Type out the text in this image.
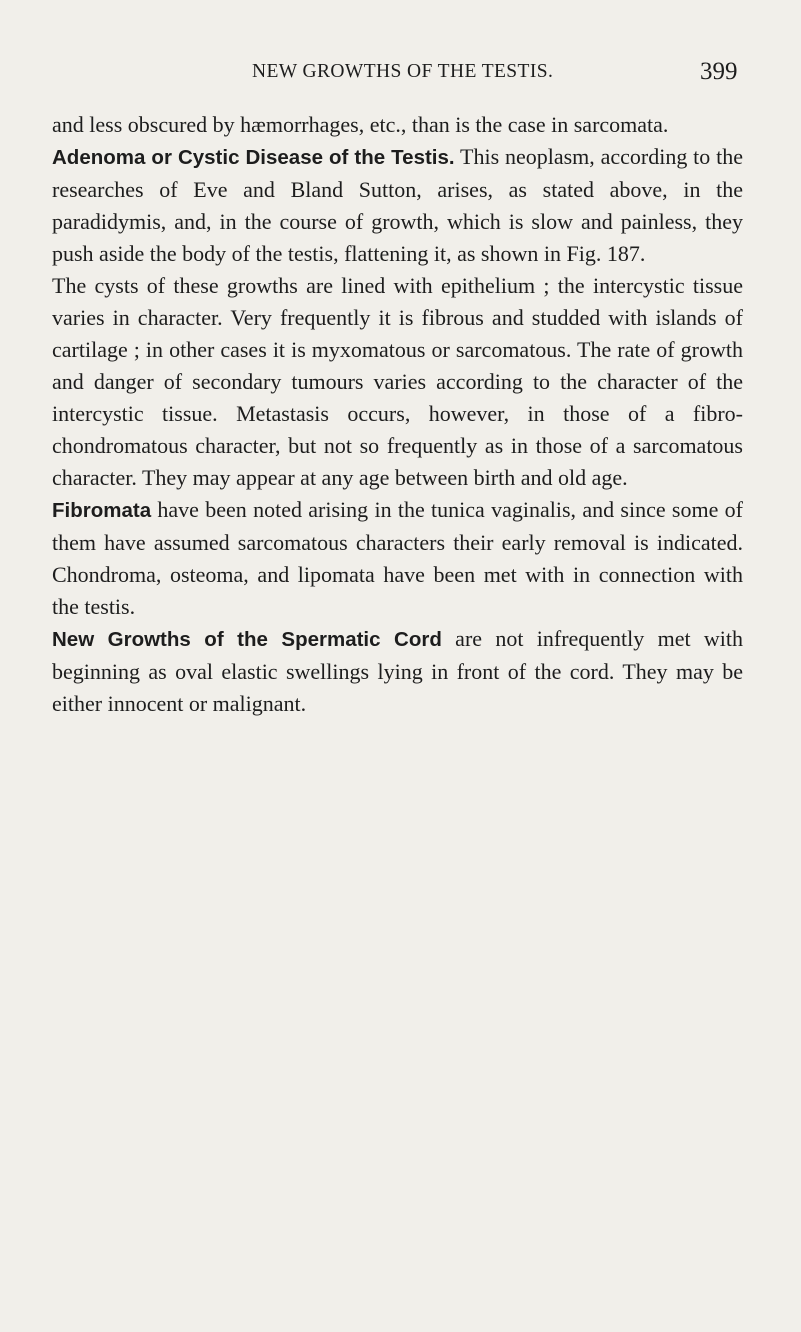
NEW GROWTHS OF THE TESTIS.	399

and less obscured by hæmorrhages, etc., than is the case in sarcomata.

Adenoma or Cystic Disease of the Testis. This neoplasm, according to the researches of Eve and Bland Sutton, arises, as stated above, in the paradidymis, and, in the course of growth, which is slow and painless, they push aside the body of the testis, flattening it, as shown in Fig. 187.

The cysts of these growths are lined with epithelium ; the intercystic tissue varies in character. Very frequently it is fibrous and studded with islands of cartilage ; in other cases it is myxomatous or sarcomatous. The rate of growth and danger of secondary tumours varies according to the character of the intercystic tissue. Metastasis occurs, however, in those of a fibro-chondromatous character, but not so frequently as in those of a sarcomatous character. They may appear at any age between birth and old age.

Fibromata have been noted arising in the tunica vaginalis, and since some of them have assumed sarcomatous characters their early removal is indicated. Chondroma, osteoma, and lipomata have been met with in connection with the testis.

New Growths of the Spermatic Cord are not infrequently met with beginning as oval elastic swellings lying in front of the cord. They may be either innocent or malignant.
